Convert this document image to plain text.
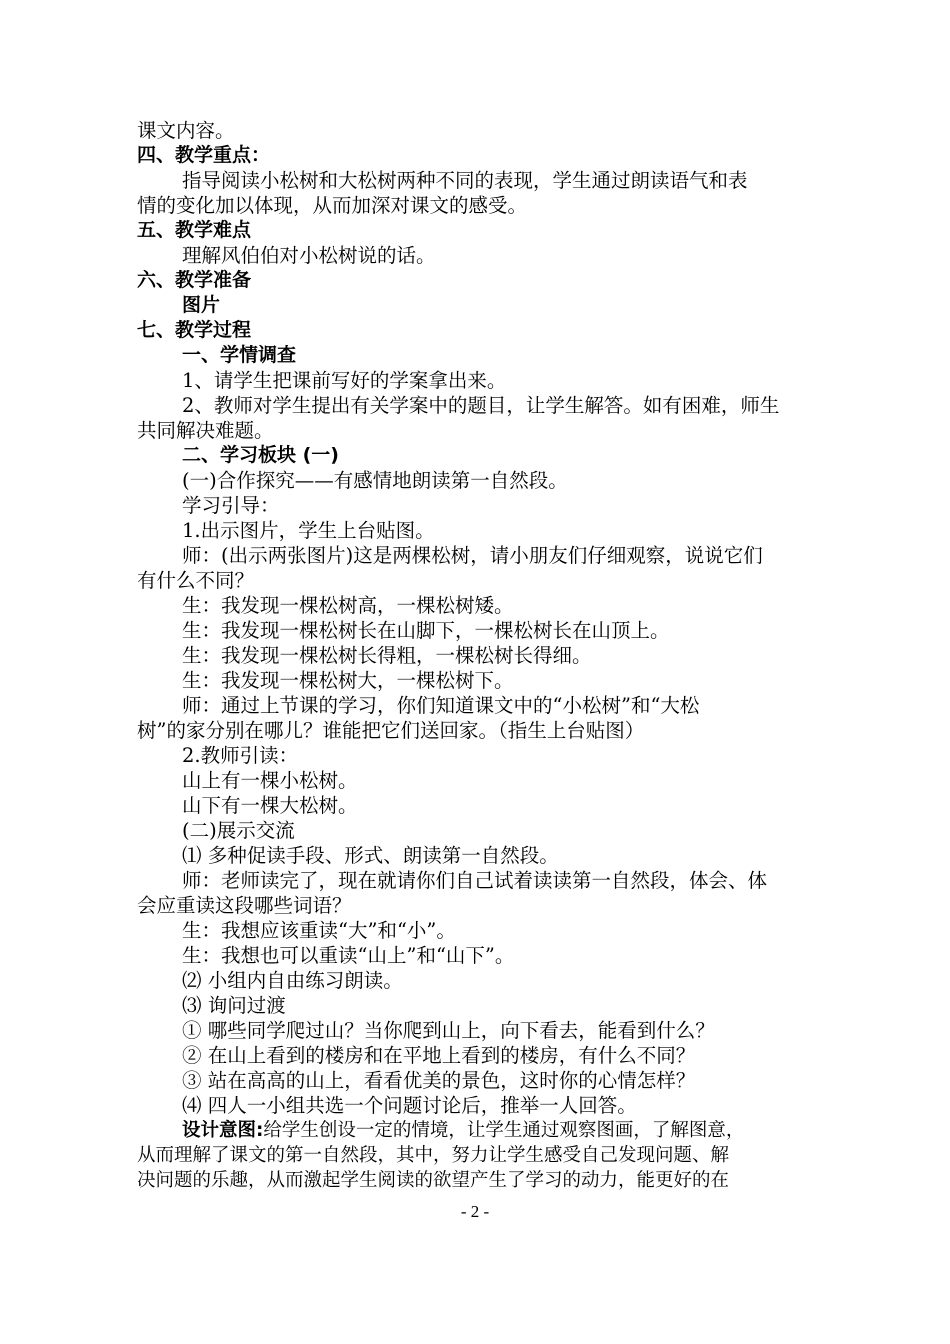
课文内容。
四、教学重点：
指导阅读小松树和大松树两种不同的表现，学生通过朗读语气和表
情的变化加以体现，从而加深对课文的感受。
五、教学难点
理解风伯伯对小松树说的话。
六、教学准备
图片
七、教学过程
一、学情调查
1、请学生把课前写好的学案拿出来。
2、教师对学生提出有关学案中的题目，让学生解答。如有困难，师生
共同解决难题。
二、学习板块 (一)
(一)合作探究——有感情地朗读第一自然段。
学习引导：
1.出示图片，学生上台贴图。
师：(出示两张图片)这是两棵松树，请小朋友们仔细观察，说说它们
有什么不同？
生：我发现一棵松树高，一棵松树矮。
生：我发现一棵松树长在山脚下，一棵松树长在山顶上。
生：我发现一棵松树长得粗，一棵松树长得细。
生：我发现一棵松树大，一棵松树下。
师：通过上节课的学习，你们知道课文中的“小松树”和“大松
树”的家分别在哪儿？谁能把它们送回家。（指生上台贴图）
2.教师引读：
山上有一棵小松树。
山下有一棵大松树。
(二)展示交流
⑴ 多种促读手段、形式、朗读第一自然段。
师：老师读完了，现在就请你们自己试着读读第一自然段，体会、体
会应重读这段哪些词语？
生：我想应该重读“大”和“小”。
生：我想也可以重读“山上”和“山下”。
⑵ 小组内自由练习朗读。
⑶ 询问过渡
① 哪些同学爬过山？当你爬到山上，向下看去，能看到什么？
② 在山上看到的楼房和在平地上看到的楼房，有什么不同？
③ 站在高高的山上，看看优美的景色，这时你的心情怎样？
⑷ 四人一小组共选一个问题讨论后，推举一人回答。
设计意图:给学生创设一定的情境，让学生通过观察图画，了解图意，
从而理解了课文的第一自然段，其中，努力让学生感受自己发现问题、解
决问题的乐趣，从而激起学生阅读的欲望产生了学习的动力，能更好的在
- 2 -
